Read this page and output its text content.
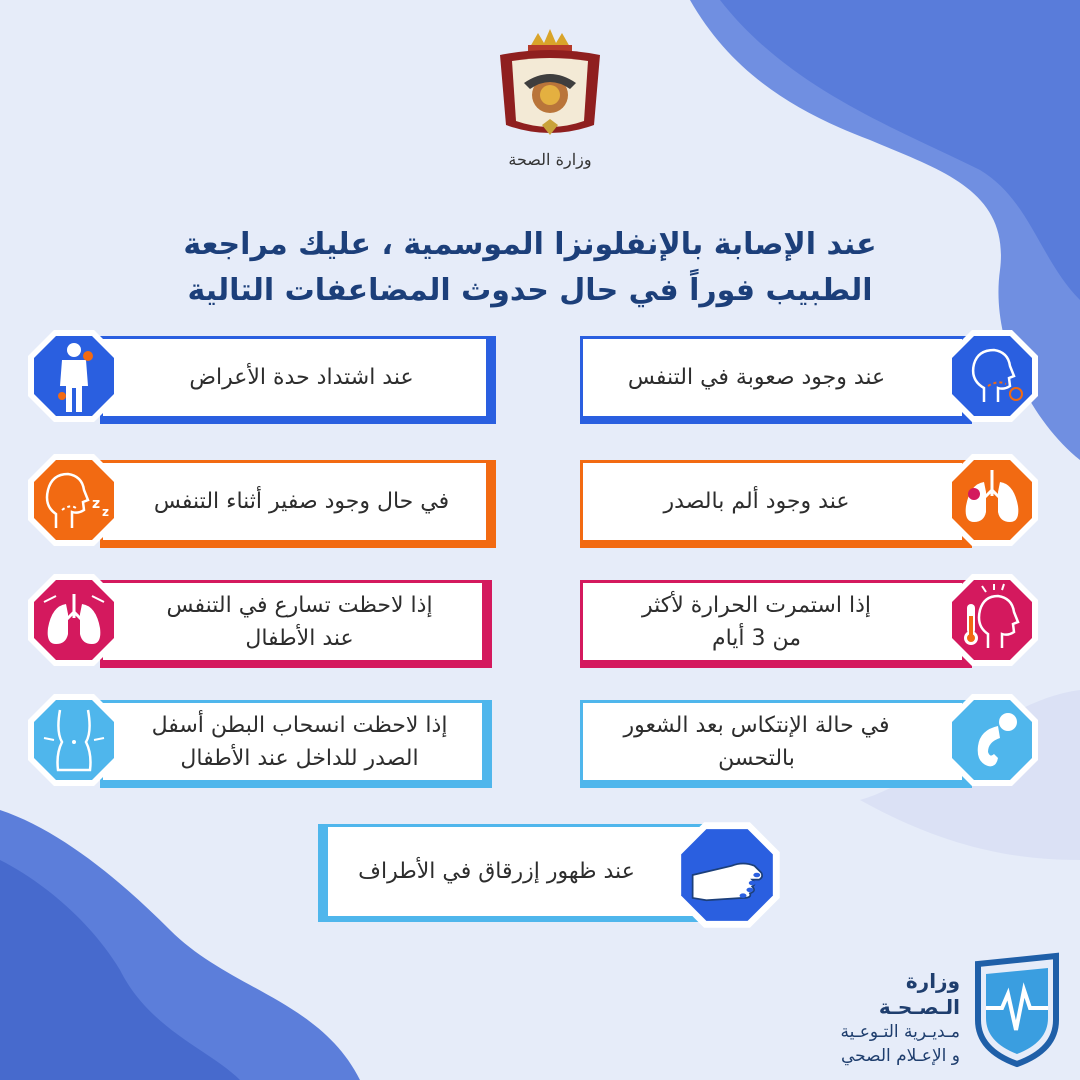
وزارة الصحة
عند الإصابة بالإنفلونزا الموسمية ، عليك مراجعة
الطبيب فوراً في حال حدوث المضاعفات التالية
عند وجود صعوبة في التنفس
عند اشتداد حدة الأعراض
عند وجود ألم بالصدر
في حال وجود صفير أثناء التنفس
z z
إذا استمرت الحرارة لأكثر
من 3 أيام
إذا لاحظت تسارع في التنفس
عند الأطفال
في حالة الإنتكاس بعد الشعور
بالتحسن
إذا لاحظت انسحاب البطن أسفل
الصدر للداخل عند الأطفال
عند ظهور إزرقاق في الأطراف
وزارة الـصـحـة
مـديـرية التـوعـية
و الإعـلام الصحي
